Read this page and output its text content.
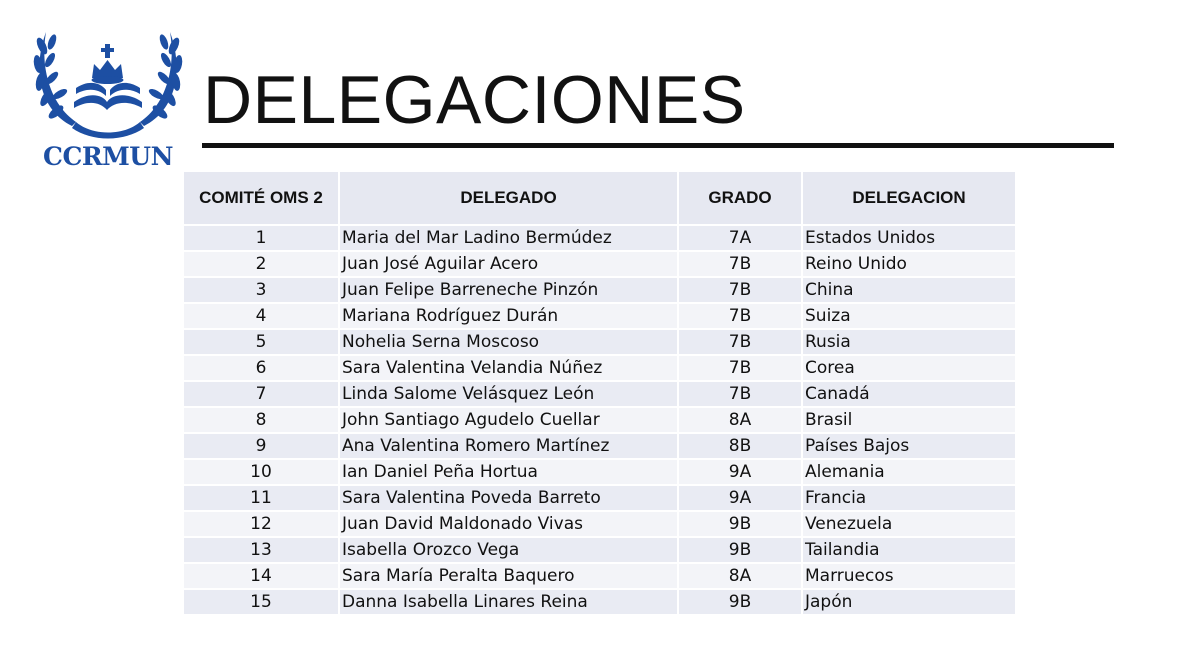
CCRMUN
DELEGACIONES
COMITÉ OMS 2	DELEGADO	GRADO	DELEGACION
1	Maria del Mar Ladino Bermúdez	7A	Estados Unidos
2	Juan José Aguilar Acero	7B	Reino Unido
3	Juan Felipe Barreneche Pinzón	7B	China
4	Mariana Rodríguez Durán	7B	Suiza
5	Nohelia Serna Moscoso	7B	Rusia
6	Sara Valentina Velandia Núñez	7B	Corea
7	Linda Salome Velásquez León	7B	Canadá
8	John Santiago Agudelo Cuellar	8A	Brasil
9	Ana Valentina Romero Martínez	8B	Países Bajos
10	Ian Daniel Peña Hortua	9A	Alemania
11	Sara Valentina Poveda Barreto	9A	Francia
12	Juan David Maldonado Vivas	9B	Venezuela
13	Isabella Orozco Vega	9B	Tailandia
14	Sara María Peralta Baquero	8A	Marruecos
15	Danna Isabella Linares Reina	9B	Japón
